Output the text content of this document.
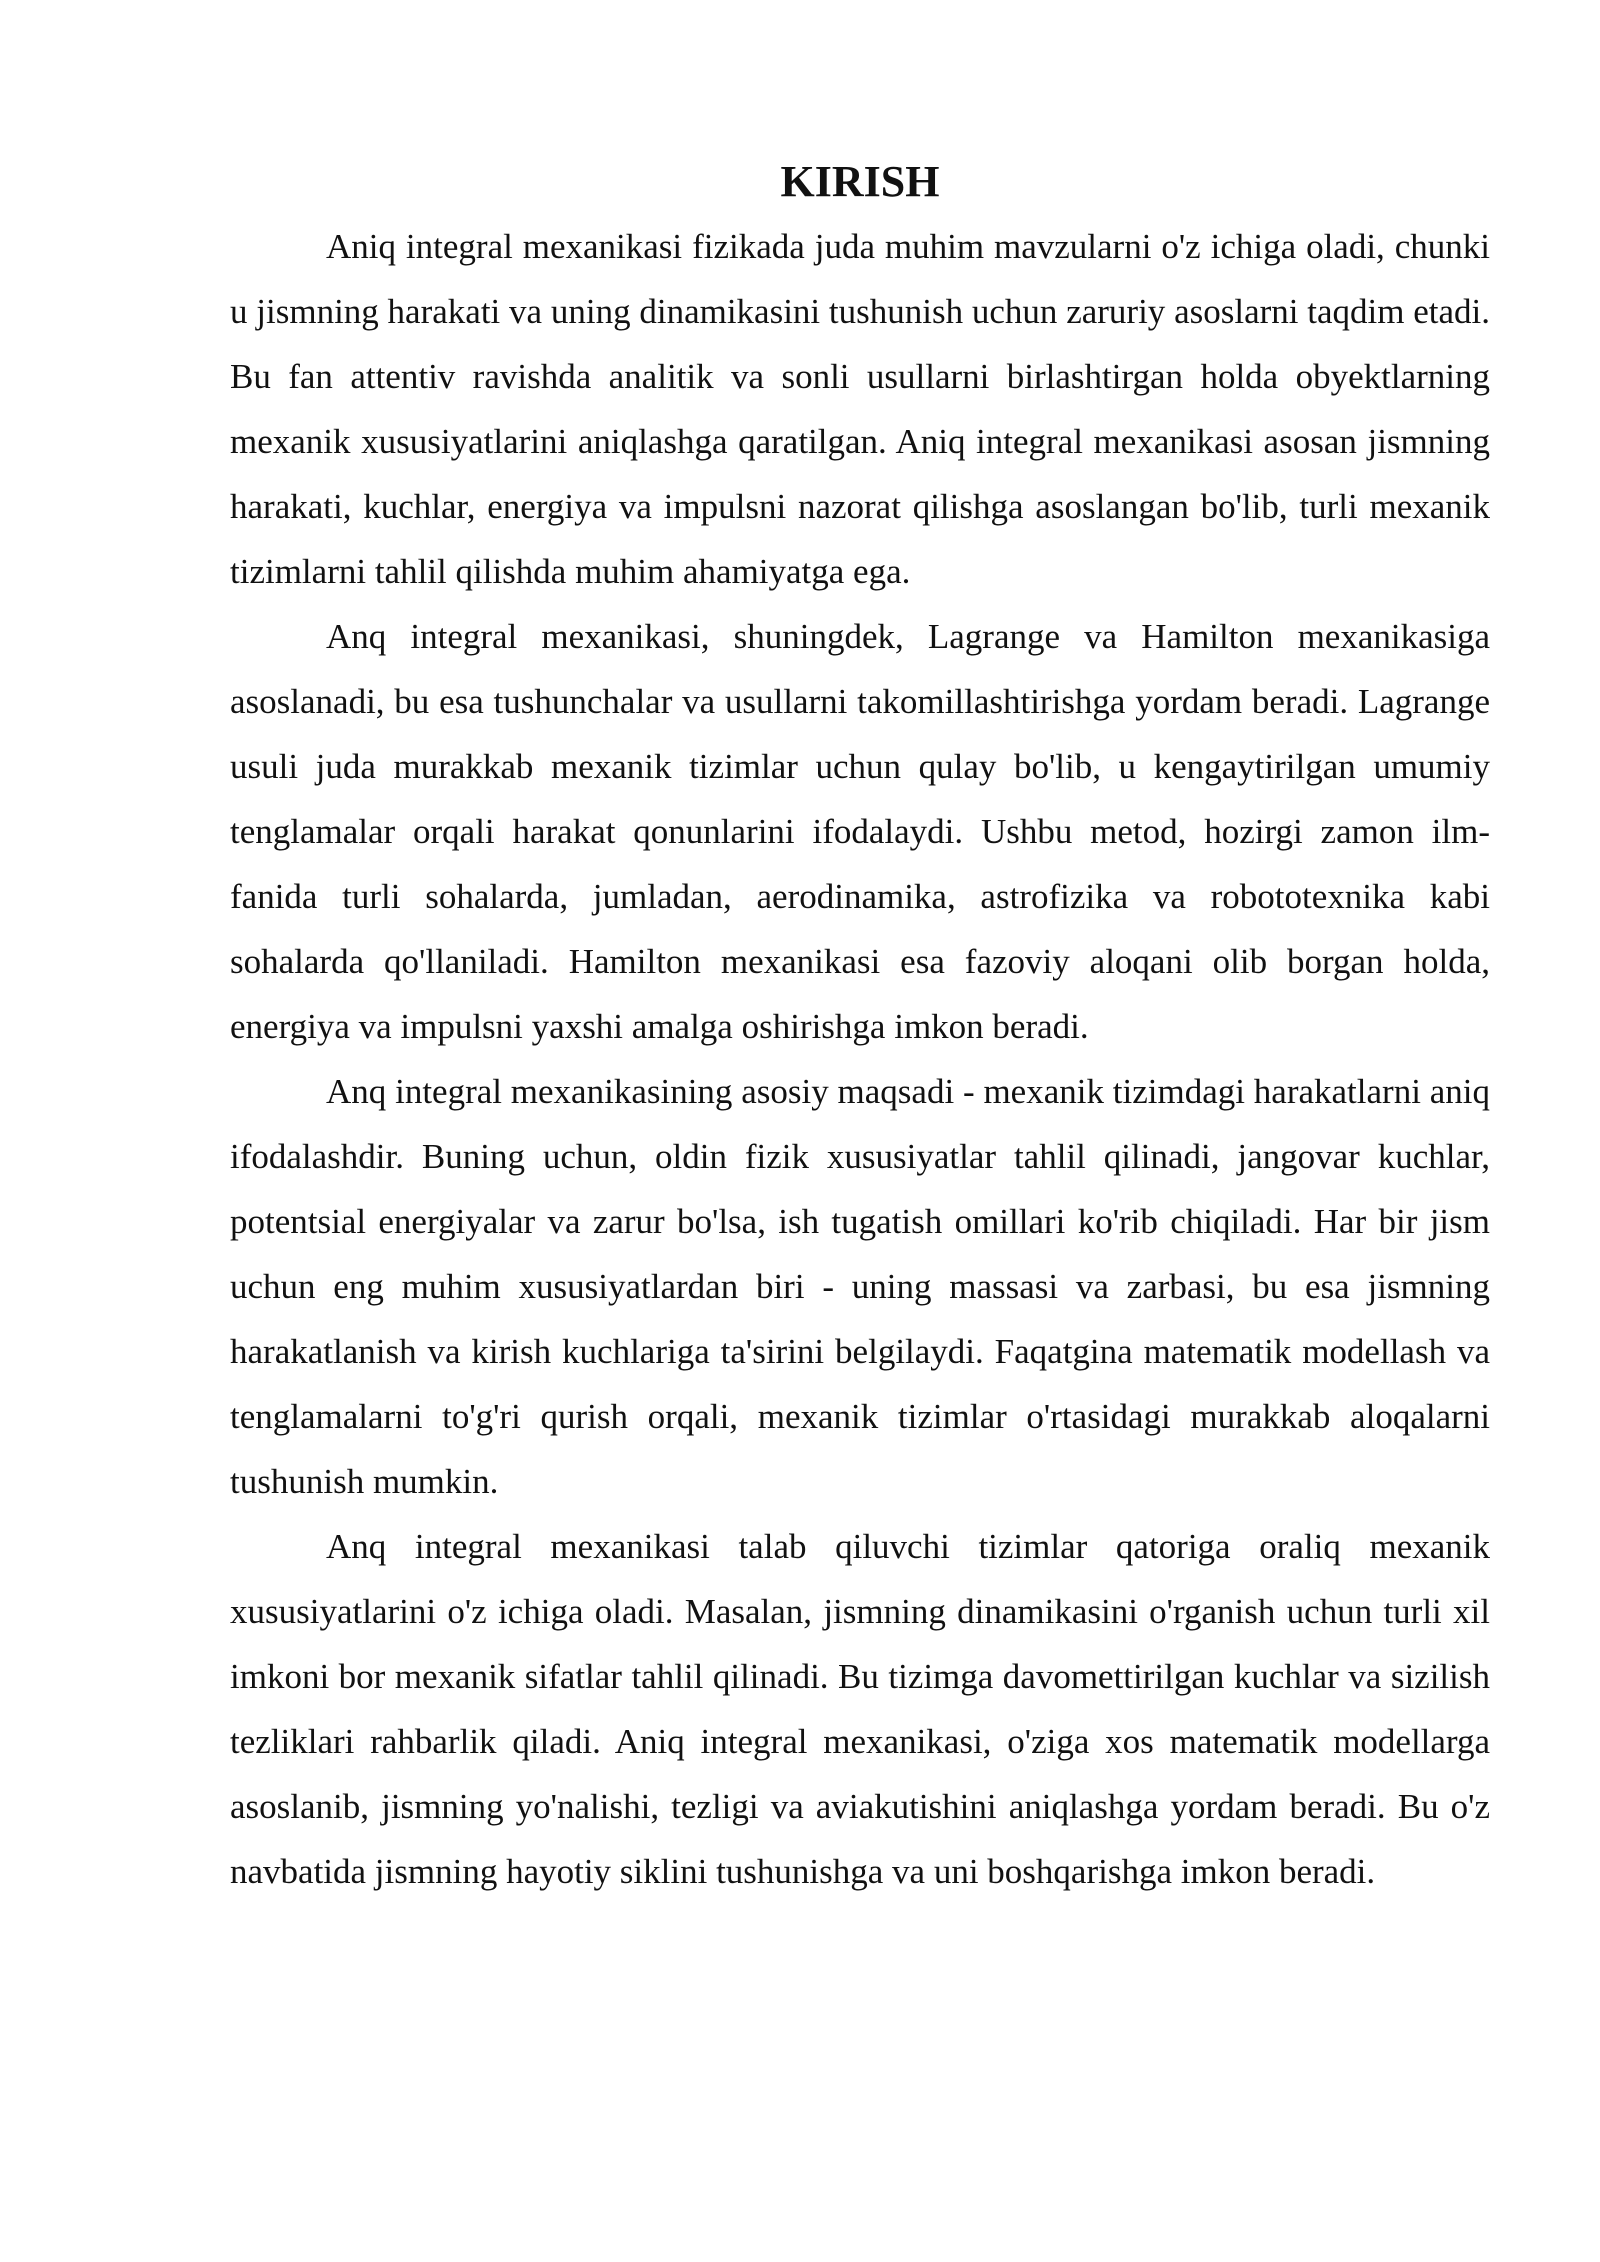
KIRISH

Aniq integral mexanikasi fizikada juda muhim mavzularni o'z ichiga oladi, chunki u jismning harakati va uning dinamikasini tushunish uchun zaruriy asoslarni taqdim etadi. Bu fan attentiv ravishda analitik va sonli usullarni birlashtirgan holda obyektlarning mexanik xususiyatlarini aniqlashga qaratilgan. Aniq integral mexanikasi asosan jismning harakati, kuchlar, energiya va impulsni nazorat qilishga asoslangan bo'lib, turli mexanik tizimlarni tahlil qilishda muhim ahamiyatga ega.

Anq integral mexanikasi, shuningdek, Lagrange va Hamilton mexanikasiga asoslanadi, bu esa tushunchalar va usullarni takomillashtirishga yordam beradi. Lagrange usuli juda murakkab mexanik tizimlar uchun qulay bo'lib, u kengaytirilgan umumiy tenglamalar orqali harakat qonunlarini ifodalaydi. Ushbu metod, hozirgi zamon ilm-fanida turli sohalarda, jumladan, aerodinamika, astrofizika va robototexnika kabi sohalarda qo'llaniladi. Hamilton mexanikasi esa fazoviy aloqani olib borgan holda, energiya va impulsni yaxshi amalga oshirishga imkon beradi.

Anq integral mexanikasining asosiy maqsadi - mexanik tizimdagi harakatlarni aniq ifodalashdir. Buning uchun, oldin fizik xususiyatlar tahlil qilinadi, jangovar kuchlar, potentsial energiyalar va zarur bo'lsa, ish tugatish omillari ko'rib chiqiladi. Har bir jism uchun eng muhim xususiyatlardan biri - uning massasi va zarbasi, bu esa jismning harakatlanish va kirish kuchlariga ta'sirini belgilaydi. Faqatgina matematik modellash va tenglamalarni to'g'ri qurish orqali, mexanik tizimlar o'rtasidagi murakkab aloqalarni tushunish mumkin.

Anq integral mexanikasi talab qiluvchi tizimlar qatoriga oraliq mexanik xususiyatlarini o'z ichiga oladi. Masalan, jismning dinamikasini o'rganish uchun turli xil imkoni bor mexanik sifatlar tahlil qilinadi. Bu tizimga davomettirilgan kuchlar va sizilish tezliklari rahbarlik qiladi. Aniq integral mexanikasi, o'ziga xos matematik modellarga asoslanib, jismning yo'nalishi, tezligi va aviakutishini aniqlashga yordam beradi. Bu o'z navbatida jismning hayotiy siklini tushunishga va uni boshqarishga imkon beradi.
